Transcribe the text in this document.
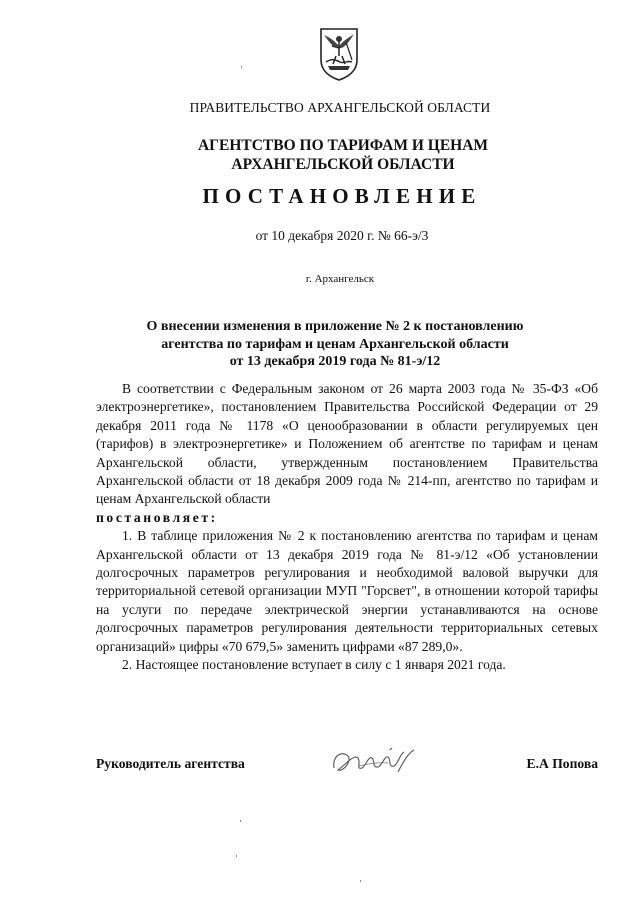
ПРАВИТЕЛЬСТВО АРХАНГЕЛЬСКОЙ ОБЛАСТИ
АГЕНТСТВО ПО ТАРИФАМ И ЦЕНАМ
АРХАНГЕЛЬСКОЙ ОБЛАСТИ
ПОСТАНОВЛЕНИЕ
от 10 декабря 2020 г. № 66-э/3
г. Архангельск
О внесении изменения в приложение № 2 к постановлению
агентства по тарифам и ценам Архангельской области
от 13 декабря 2019 года № 81-э/12

В соответствии с Федеральным законом от 26 марта 2003 года № 35-ФЗ «Об электроэнергетике», постановлением Правительства Российской Федерации от 29 декабря 2011 года № 1178 «О ценообразовании в области регулируемых цен (тарифов) в электроэнергетике» и Положением об агентстве по тарифам и ценам Архангельской области, утвержденным постановлением Правительства Архангельской области от 18 декабря 2009 года № 214-пп, агентство по тарифам и ценам Архангельской области

постановляет:

1. В таблице приложения № 2 к постановлению агентства по тарифам и ценам Архангельской области от 13 декабря 2019 года № 81-э/12 «Об установлении долгосрочных параметров регулирования и необходимой валовой выручки для территориальной сетевой организации МУП "Горсвет", в отношении которой тарифы на услуги по передаче электрической энергии устанавливаются на основе долгосрочных параметров регулирования деятельности территориальных сетевых организаций» цифры «70 679,5» заменить цифрами «87 289,0».

2. Настоящее постановление вступает в силу с 1 января 2021 года.

Руководитель агентства	Е.А Попова
